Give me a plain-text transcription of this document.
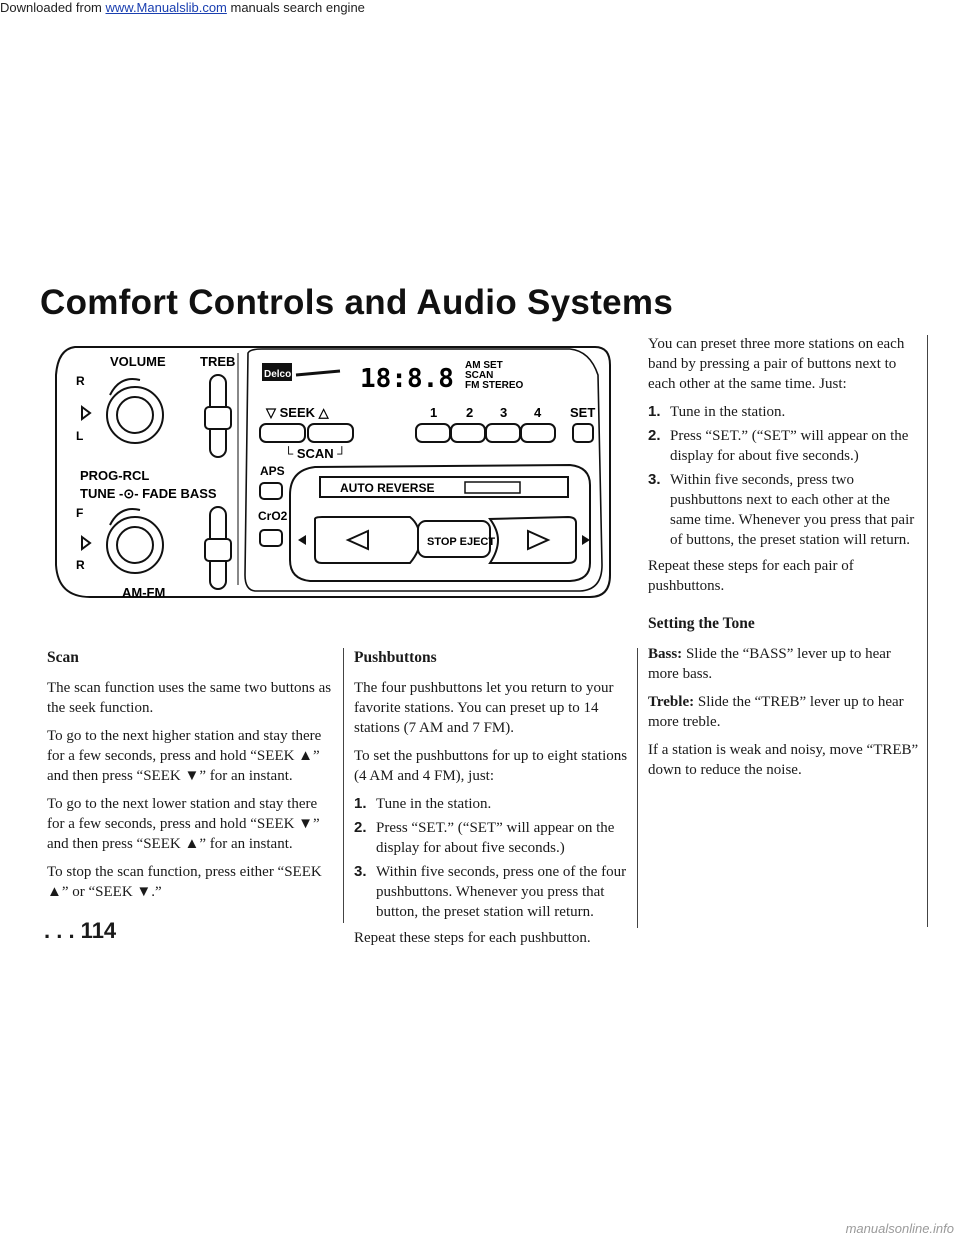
Downloaded from www.Manualslib.com manuals search engine
Comfort Controls and Audio Systems
VOLUME	TREB
R
L
PROG-RCL
TUNE -⊙- FADE BASS
F
R
AM-FM
Delco	18:8.8 AM SET
SCAN
FM STEREO
▽ SEEK △	1 2 3 4 SET
└ SCAN ┘
APS
CrO2
AUTO REVERSE
STOP EJECT
Scan

The scan function uses the same two buttons as the seek function.

To go to the next higher station and stay there for a few seconds, press and hold “SEEK ▲” and then press “SEEK ▼” for an instant.

To go to the next lower station and stay there for a few seconds, press and hold “SEEK ▼” and then press “SEEK ▲” for an instant.

To stop the scan function, press either “SEEK ▲” or “SEEK ▼.”

Pushbuttons

The four pushbuttons let you return to your favorite stations. You can preset up to 14 stations (7 AM and 7 FM).

To set the pushbuttons for up to eight stations (4 AM and 4 FM), just:

1. Tune in the station.
2. Press “SET.” (“SET” will appear on the display for about five seconds.)
3. Within five seconds, press one of the four pushbuttons. Whenever you press that button, the preset station will return.

Repeat these steps for each pushbutton.

You can preset three more stations on each band by pressing a pair of buttons next to each other at the same time. Just:

1. Tune in the station.
2. Press “SET.” (“SET” will appear on the display for about five seconds.)
3. Within five seconds, press two pushbuttons next to each other at the same time. Whenever you press that pair of buttons, the preset station will return.

Repeat these steps for each pair of pushbuttons.

Setting the Tone

Bass: Slide the “BASS” lever up to hear more bass.

Treble: Slide the “TREB” lever up to hear more treble.

If a station is weak and noisy, move “TREB” down to reduce the noise.

. . . 114
manualsonline.info
